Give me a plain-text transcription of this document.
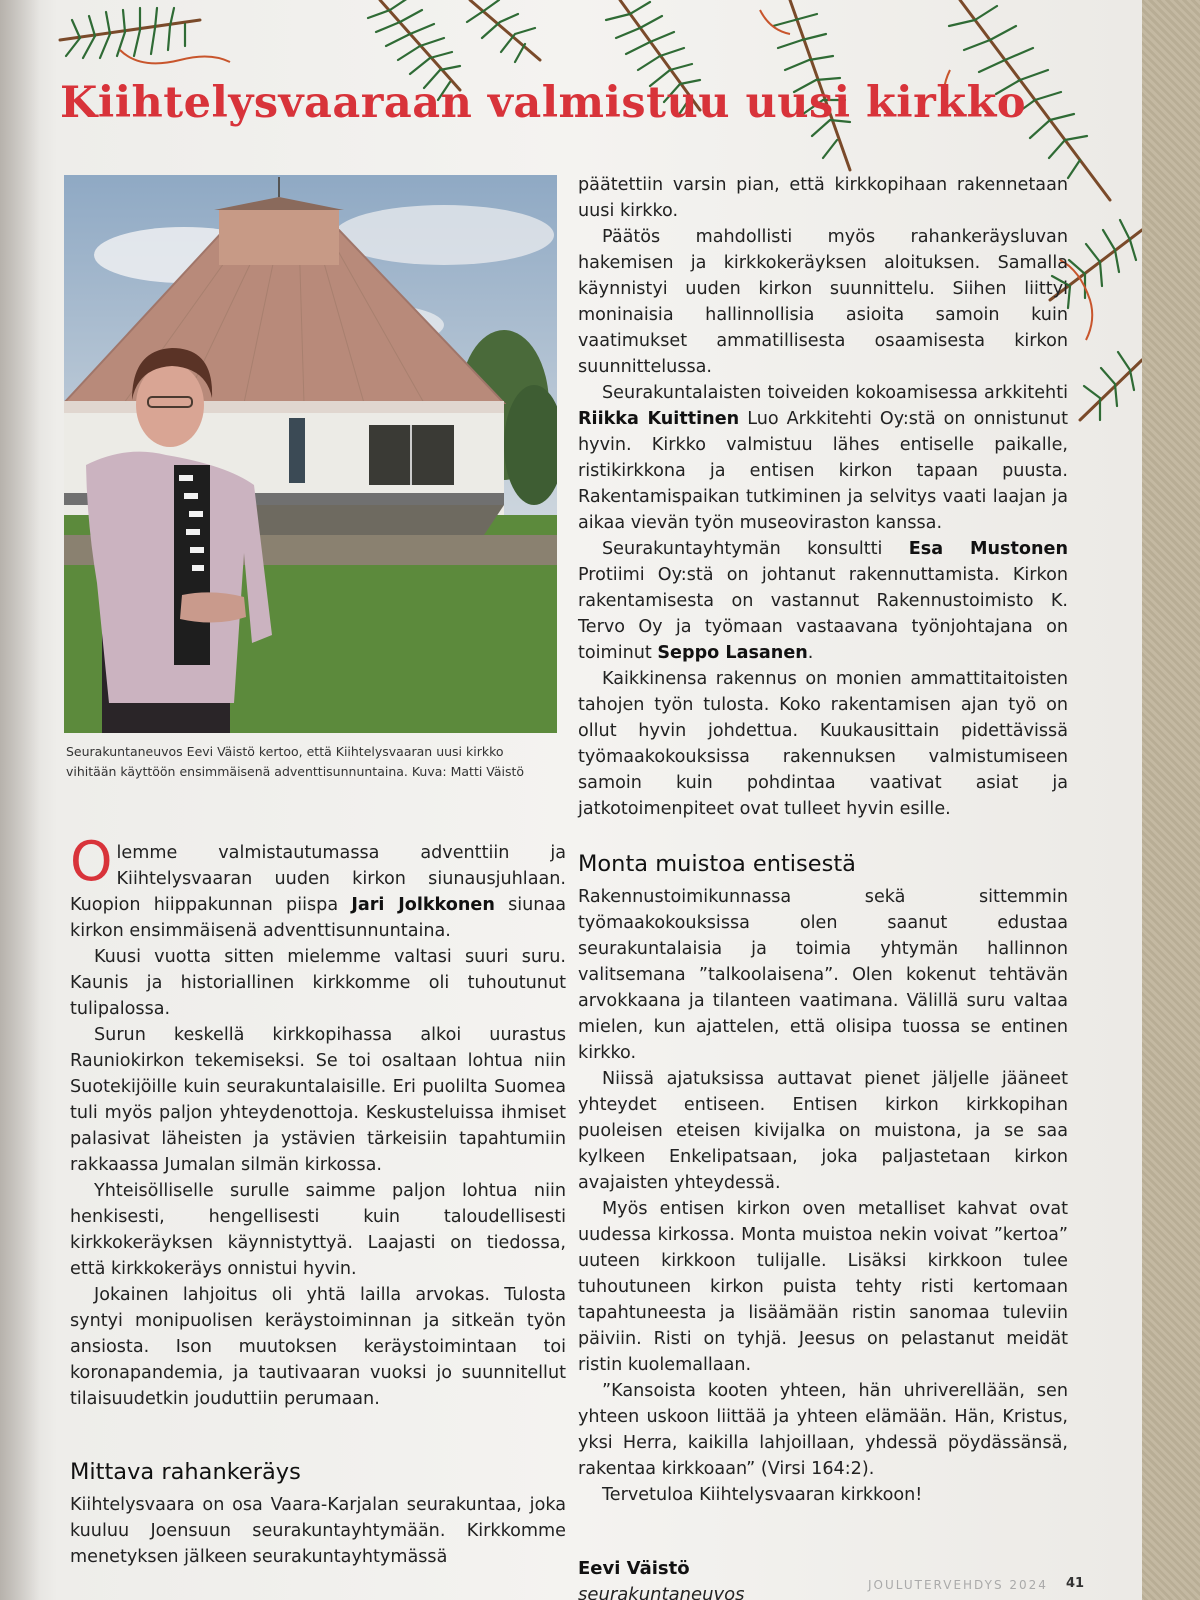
Kiihtelysvaaraan valmistuu uusi kirkko
Seurakuntaneuvos Eevi Väistö kertoo, että Kiihtelysvaaran uusi kirkko vihitään käyttöön ensimmäisenä adventtisunnuntaina. Kuva: Matti Väistö

Olemme valmistautumassa adventtiin ja Kiihtelysvaaran uuden kirkon siunausjuhlaan. Kuopion hiippakunnan piispa Jari Jolkkonen siunaa kirkon ensimmäisenä adventtisunnuntaina.

Kuusi vuotta sitten mielemme valtasi suuri suru. Kaunis ja historiallinen kirkkomme oli tuhoutunut tulipalossa.

Surun keskellä kirkkopihassa alkoi uurastus Rauniokirkon tekemiseksi. Se toi osaltaan lohtua niin Suotekijöille kuin seurakuntalaisille. Eri puolilta Suomea tuli myös paljon yhteydenottoja. Keskusteluissa ihmiset palasivat läheisten ja ystävien tärkeisiin tapahtumiin rakkaassa Jumalan silmän kirkossa.

Yhteisölliselle surulle saimme paljon lohtua niin henkisesti, hengellisesti kuin taloudellisesti kirkkokeräyksen käynnistyttyä. Laajasti on tiedossa, että kirkkokeräys onnistui hyvin.

Jokainen lahjoitus oli yhtä lailla arvokas. Tulosta syntyi monipuolisen keräystoiminnan ja sitkeän työn ansiosta. Ison muutoksen keräystoimintaan toi koronapandemia, ja tautivaaran vuoksi jo suunnitellut tilaisuudetkin jouduttiin perumaan.

Mittava rahankeräys

Kiihtelysvaara on osa Vaara-Karjalan seurakuntaa, joka kuuluu Joensuun seurakuntayhtymään. Kirkkomme menetyksen jälkeen seurakuntayhtymässä

päätettiin varsin pian, että kirkkopihaan rakennetaan uusi kirkko.

Päätös mahdollisti myös rahankeräysluvan hakemisen ja kirkkokeräyksen aloituksen. Samalla käynnistyi uuden kirkon suunnittelu. Siihen liittyi moninaisia hallinnollisia asioita samoin kuin vaatimukset ammatillisesta osaamisesta kirkon suunnittelussa.

Seurakuntalaisten toiveiden kokoamisessa arkkitehti Riikka Kuittinen Luo Arkkitehti Oy:stä on onnistunut hyvin. Kirkko valmistuu lähes entiselle paikalle, ristikirkkona ja entisen kirkon tapaan puusta. Rakentamispaikan tutkiminen ja selvitys vaati laajan ja aikaa vievän työn museoviraston kanssa.

Seurakuntayhtymän konsultti Esa Mustonen Protiimi Oy:stä on johtanut rakennuttamista. Kirkon rakentamisesta on vastannut Rakennustoimisto K. Tervo Oy ja työmaan vastaavana työnjohtajana on toiminut Seppo Lasanen.

Kaikkinensa rakennus on monien ammattitaitoisten tahojen työn tulosta. Koko rakentamisen ajan työ on ollut hyvin johdettua. Kuukausittain pidettävissä työmaakokouksissa rakennuksen valmistumiseen samoin kuin pohdintaa vaativat asiat ja jatkotoimenpiteet ovat tulleet hyvin esille.

Monta muistoa entisestä

Rakennustoimikunnassa sekä sittemmin työmaakokouksissa olen saanut edustaa seurakuntalaisia ja toimia yhtymän hallinnon valitsemana ”talkoolaisena”. Olen kokenut tehtävän arvokkaana ja tilanteen vaatimana. Välillä suru valtaa mielen, kun ajattelen, että olisipa tuossa se entinen kirkko.

Niissä ajatuksissa auttavat pienet jäljelle jääneet yhteydet entiseen. Entisen kirkon kirkkopihan puoleisen eteisen kivijalka on muistona, ja se saa kylkeen Enkelipatsaan, joka paljastetaan kirkon avajaisten yhteydessä.

Myös entisen kirkon oven metalliset kahvat ovat uudessa kirkossa. Monta muistoa nekin voivat ”kertoa” uuteen kirkkoon tulijalle. Lisäksi kirkkoon tulee tuhoutuneen kirkon puista tehty risti kertomaan tapahtuneesta ja lisäämään ristin sanomaa tuleviin päiviin. Risti on tyhjä. Jeesus on pelastanut meidät ristin kuolemallaan.

”Kansoista kooten yhteen, hän uhriverellään, sen yhteen uskoon liittää ja yhteen elämään. Hän, Kristus, yksi Herra, kaikilla lahjoillaan, yhdessä pöydässänsä, rakentaa kirkkoaan” (Virsi 164:2).

Tervetuloa Kiihtelysvaaran kirkkoon!

Eevi Väistö
seurakuntaneuvos	JOULUTERVEHDYS 2024 41
